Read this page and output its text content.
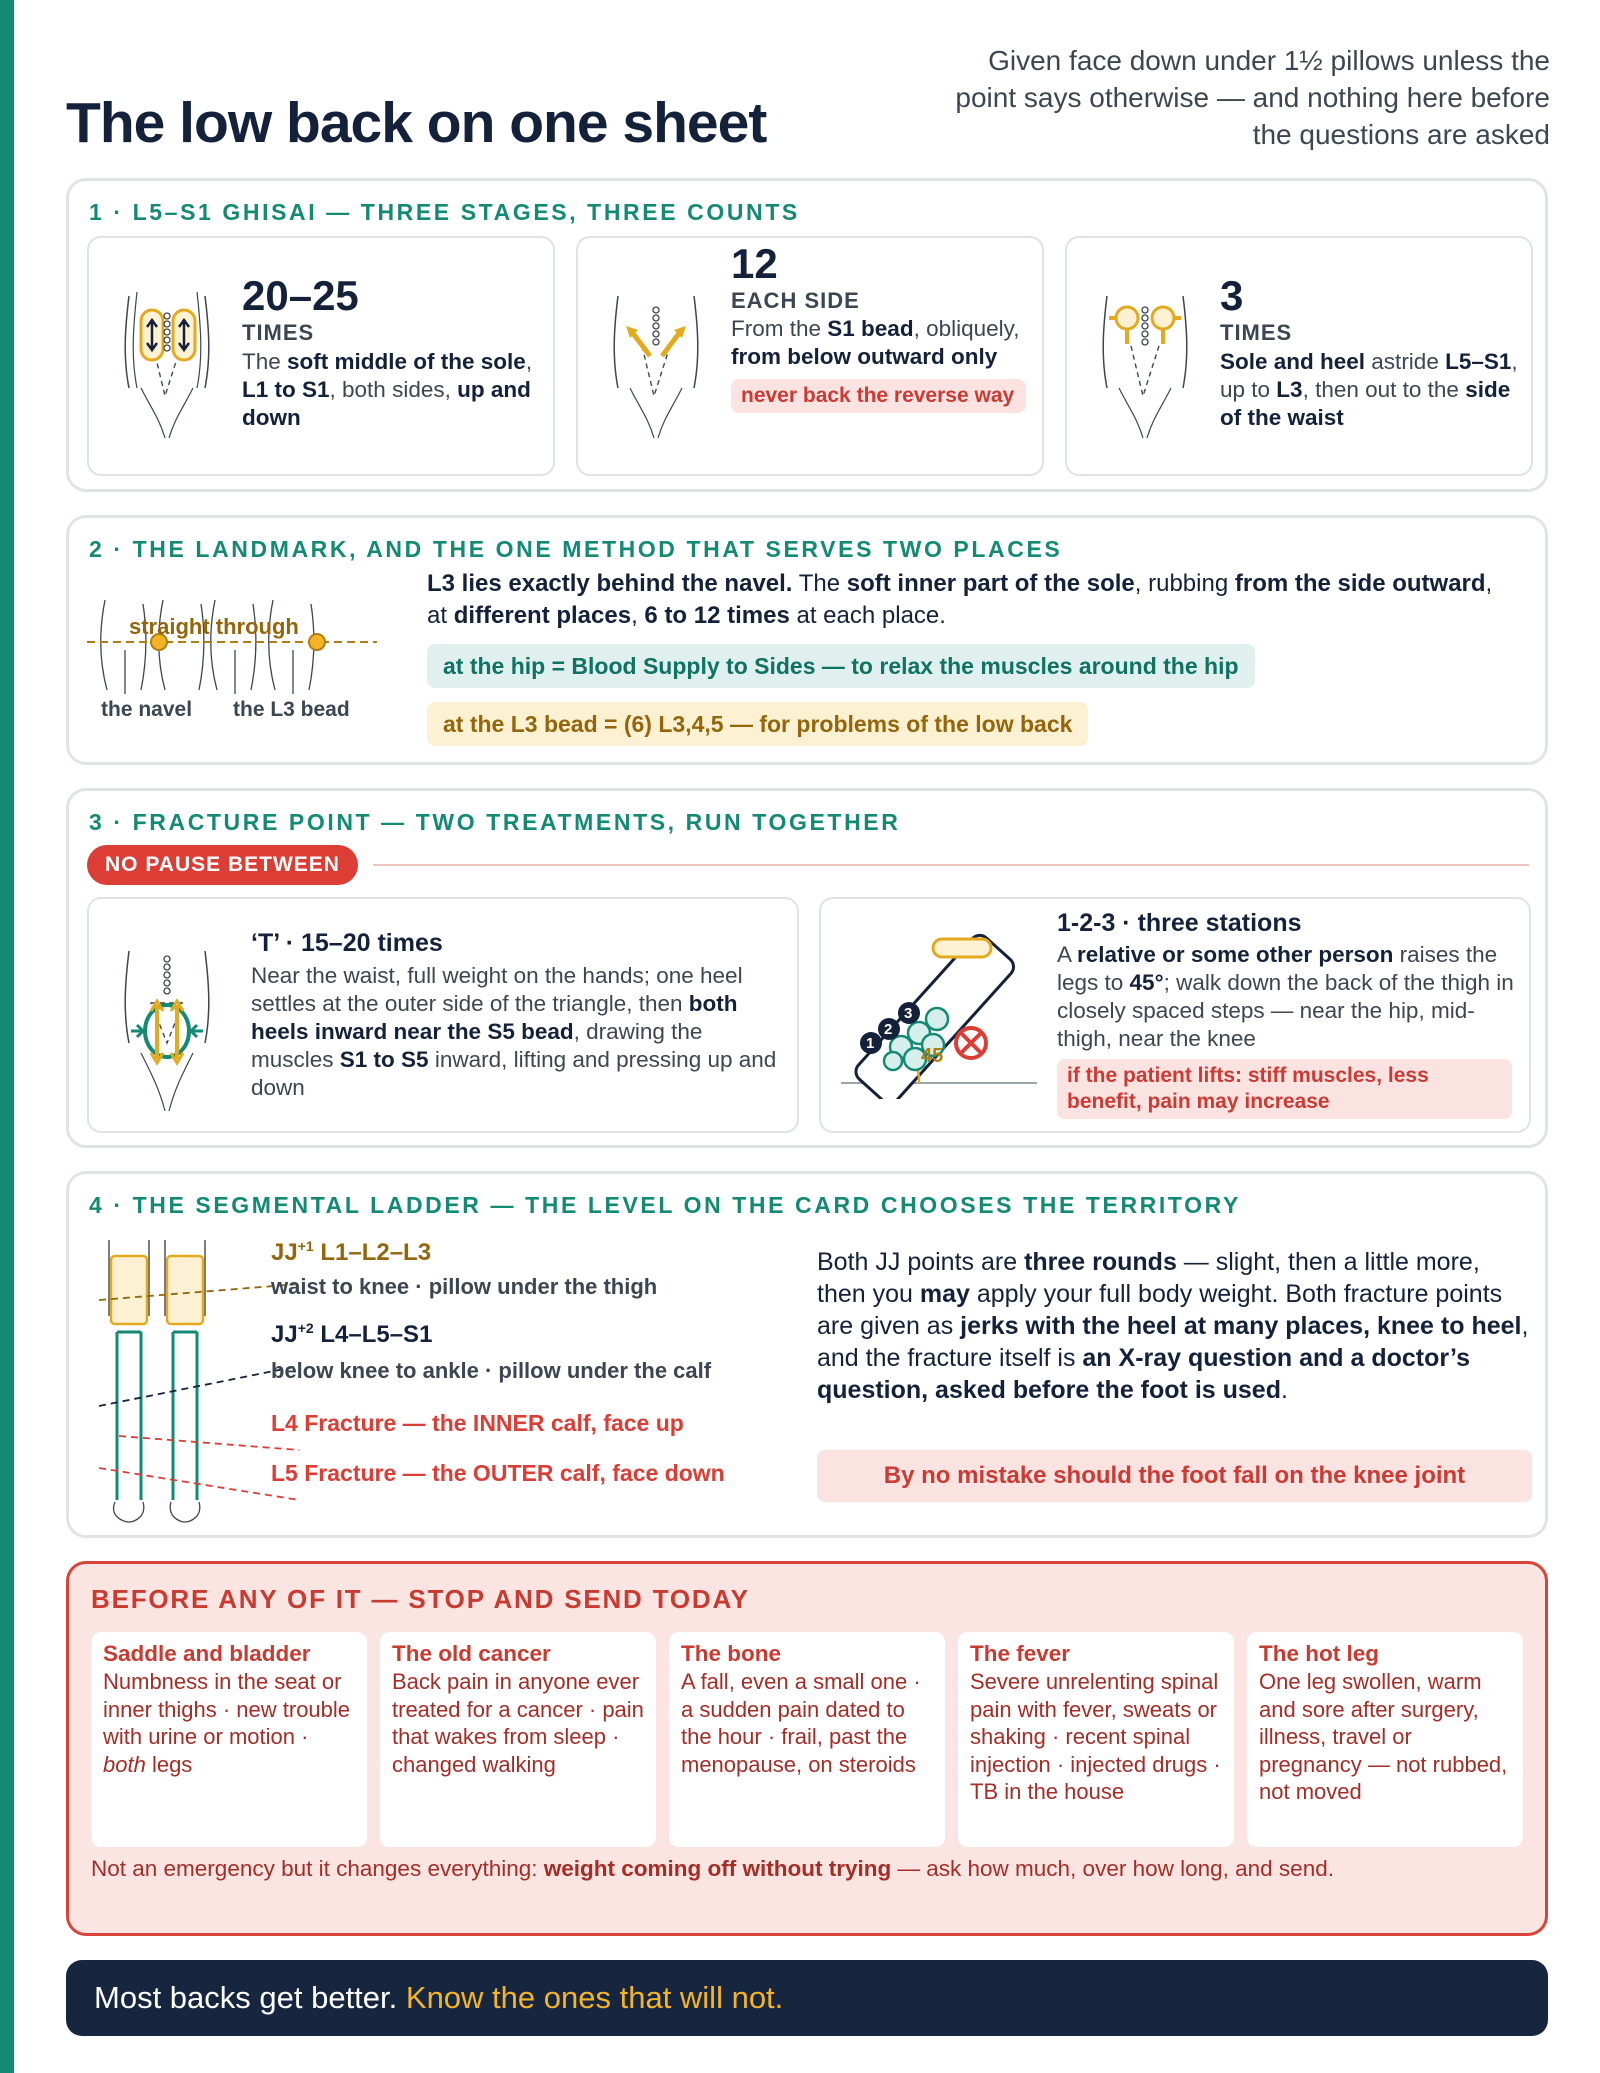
The low back on one sheet
Given face down under 1½ pillows unless the point says otherwise — and nothing here before the questions are asked
1 · L5–S1 GHISAI — THREE STAGES, THREE COUNTS
20–25
TIMES
The soft middle of the sole, L1 to S1, both sides, up and down
12
EACH SIDE
From the S1 bead, obliquely, from below outward only
never back the reverse way
3
TIMES
Sole and heel astride L5–S1, up to L3, then out to the side of the waist
2 · THE LANDMARK, AND THE ONE METHOD THAT SERVES TWO PLACES
straight through
the navel the L3 bead
L3 lies exactly behind the navel. The soft inner part of the sole, rubbing from the side outward, at different places, 6 to 12 times at each place.
at the hip = Blood Supply to Sides — to relax the muscles around the hip
at the L3 bead = (6) L3,4,5 — for problems of the low back
3 · FRACTURE POINT — TWO TREATMENTS, RUN TOGETHER
NO PAUSE BETWEEN
‘T’ · 15–20 times
Near the waist, full weight on the hands; one heel settles at the outer side of the triangle, then both heels inward near the S5 bead, drawing the muscles S1 to S5 inward, lifting and pressing up and down
1
2
3
45
1-2-3 · three stations
A relative or some other person raises the legs to 45°; walk down the back of the thigh in closely spaced steps — near the hip, mid-thigh, near the knee
if the patient lifts: stiff muscles, less benefit, pain may increase
4 · THE SEGMENTAL LADDER — THE LEVEL ON THE CARD CHOOSES THE TERRITORY
$JJ^{+1}$ L1–L2–L3
waist to knee · pillow under the thigh
$JJ^{+2}$ L4–L5–S1
below knee to ankle · pillow under the calf
L4 Fracture — the INNER calf, face up
L5 Fracture — the OUTER calf, face down
Both JJ points are three rounds — slight, then a little more, then you may apply your full body weight. Both fracture points are given as jerks with the heel at many places, knee to heel, and the fracture itself is an X-ray question and a doctor’s question, asked before the foot is used.
By no mistake should the foot fall on the knee joint
BEFORE ANY OF IT — STOP AND SEND TODAY
Saddle and bladder
Numbness in the seat or inner thighs · new trouble with urine or motion · both legs
The old cancer
Back pain in anyone ever treated for a cancer · pain that wakes from sleep · changed walking
The bone
A fall, even a small one · a sudden pain dated to the hour · frail, past the menopause, on steroids
The fever
Severe unrelenting spinal pain with fever, sweats or shaking · recent spinal injection · injected drugs · TB in the house
The hot leg
One leg swollen, warm and sore after surgery, illness, travel or pregnancy — not rubbed, not moved
Not an emergency but it changes everything: weight coming off without trying — ask how much, over how long, and send.
Most backs get better. Know the ones that will not.
